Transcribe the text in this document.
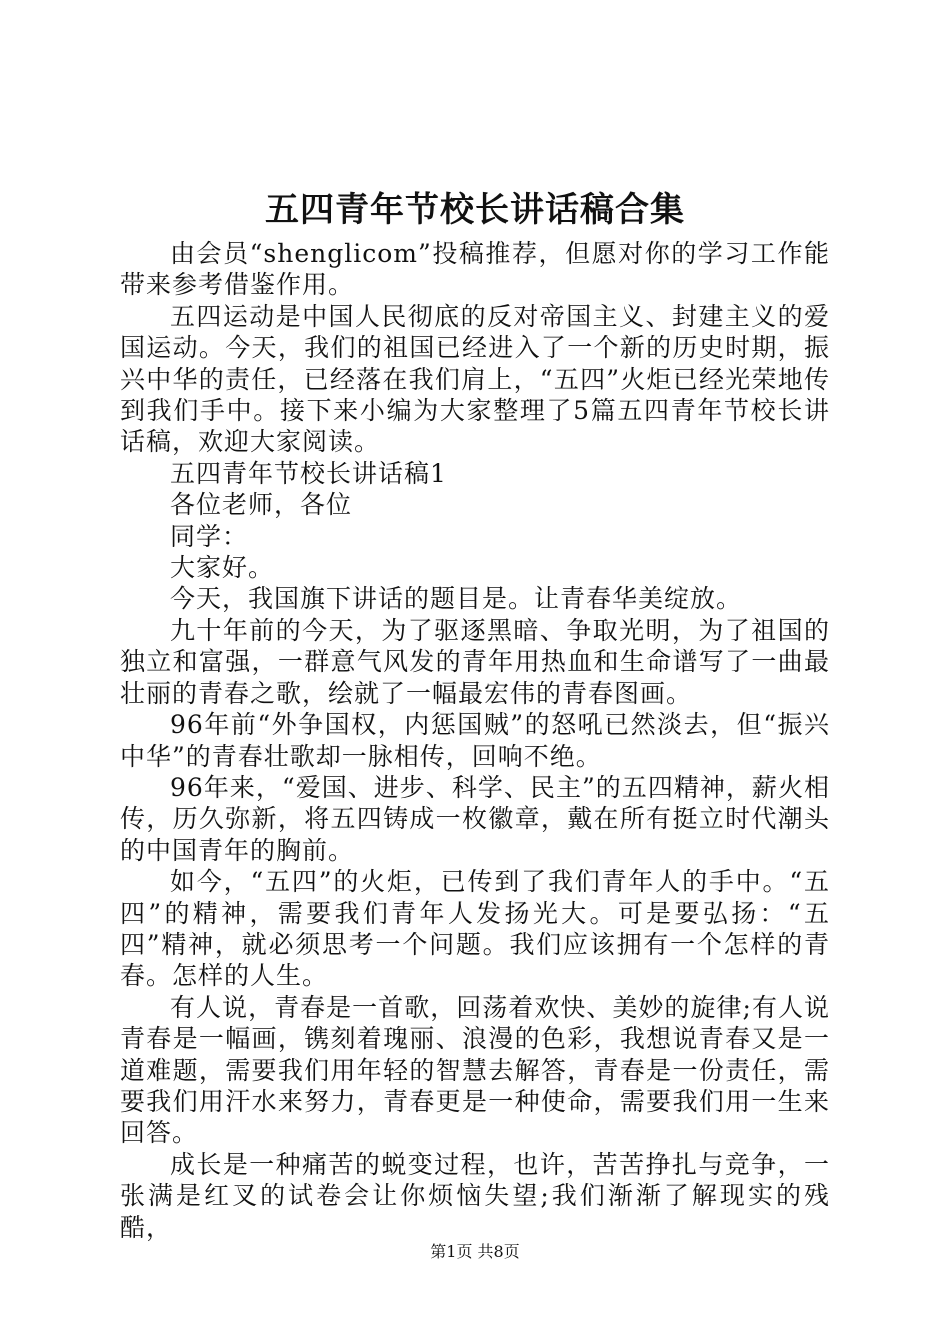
五四青年节校长讲话稿合集

由会员“shenglicom”投稿推荐，但愿对你的学习工作能带来参考借鉴作用。

五四运动是中国人民彻底的反对帝国主义、封建主义的爱国运动。今天，我们的祖国已经进入了一个新的历史时期，振兴中华的责任，已经落在我们肩上，“五四”火炬已经光荣地传到我们手中。接下来小编为大家整理了5篇五四青年节校长讲话稿，欢迎大家阅读。

五四青年节校长讲话稿1

各位老师，各位

同学：

大家好。

今天，我国旗下讲话的题目是。让青春华美绽放。

九十年前的今天，为了驱逐黑暗、争取光明，为了祖国的独立和富强，一群意气风发的青年用热血和生命谱写了一曲最壮丽的青春之歌，绘就了一幅最宏伟的青春图画。

96年前“外争国权，内惩国贼”的怒吼已然淡去，但“振兴中华”的青春壮歌却一脉相传，回响不绝。

96年来，“爱国、进步、科学、民主”的五四精神，薪火相传，历久弥新，将五四铸成一枚徽章，戴在所有挺立时代潮头的中国青年的胸前。

如今，“五四”的火炬，已传到了我们青年人的手中。“五四”的精神，需要我们青年人发扬光大。可是要弘扬：“五四”精神，就必须思考一个问题。我们应该拥有一个怎样的青春。怎样的人生。

有人说，青春是一首歌，回荡着欢快、美妙的旋律;有人说青春是一幅画，镌刻着瑰丽、浪漫的色彩，我想说青春又是一道难题，需要我们用年轻的智慧去解答，青春是一份责任，需要我们用汗水来努力，青春更是一种使命，需要我们用一生来回答。

成长是一种痛苦的蜕变过程，也许，苦苦挣扎与竞争，一张满是红叉的试卷会让你烦恼失望;我们渐渐了解现实的残酷，

第1页 共8页
